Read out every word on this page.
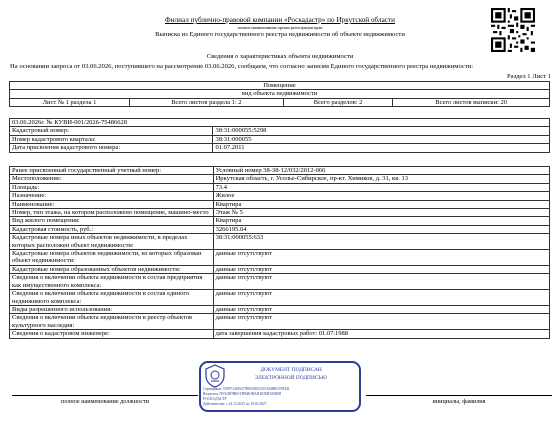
Филиал публично-правовой компании «Роскадастр» по Иркутской области
полное наименование органа регистрации прав
Выписка из Единого государственного реестра недвижимости об объекте недвижимости
Сведения о характеристиках объекта недвижимости
На основании запроса от 03.06.2026, поступившего на рассмотрение 03.06.2026, сообщаем, что согласно записям Единого государственного реестра недвижимости:
Раздел 1 Лист 1
Помещение
вид объекта недвижимости
Лист № 1 раздела 1	Всего листов раздела 1: 2	Всего разделов: 2	Всего листов выписки: 20
03.06.2026г. № КУВИ-001/2026-75486628	
Кадастровый номер:	38:31:000055:5298
Номер кадастрового квартала:	38:31:000055
Дата присвоения кадастрового номера:	01.07.2011
Ранее присвоенный государственный учетный номер:	Условный номер 38-38-12/032/2012-066
Местоположение:	Иркутская область, г. Усолье-Сибирское, пр-кт. Химиков, д. 31, кв. 13
Площадь:	73.4
Назначение:	Жилое
Наименование:	Квартира
Номер, тип этажа, на котором расположено помещение, машино-место	Этаж № 5
Вид жилого помещения:	Квартира
Кадастровая стоимость, руб.:	3266195.04
Кадастровые номера иных объектов недвижимости, в пределах которых расположен объект недвижимости:	38:31:000055:633
Кадастровые номера объектов недвижимости, из которых образован объект недвижимости:	данные отсутствуют
Кадастровые номера образованных объектов недвижимости:	данные отсутствуют
Сведения о включении объекта недвижимости в состав предприятия как имущественного комплекса:	данные отсутствуют
Сведения о включении объекта недвижимости в состав единого недвижимого комплекса:	данные отсутствуют
Виды разрешенного использования:	данные отсутствуют
Сведения о включении объекта недвижимости в реестр объектов культурного наследия:	данные отсутствуют
Сведения о кадастровом инженере:	дата завершения кадастровых работ: 01.07.1988
полное наименование должности	инициалы, фамилия
ДОКУМЕНТ ПОДПИСАН
ЭЛЕКТРОННОЙ ПОДПИСЬЮ
Сертификат: 0399714816479900405532191048861978441
Владелец: ПУБЛИЧНО-ПРАВОВАЯ КОМПАНИЯ
РОСКАДАСТР
Действителен: с 24.12.2025 по 19.03.2027
